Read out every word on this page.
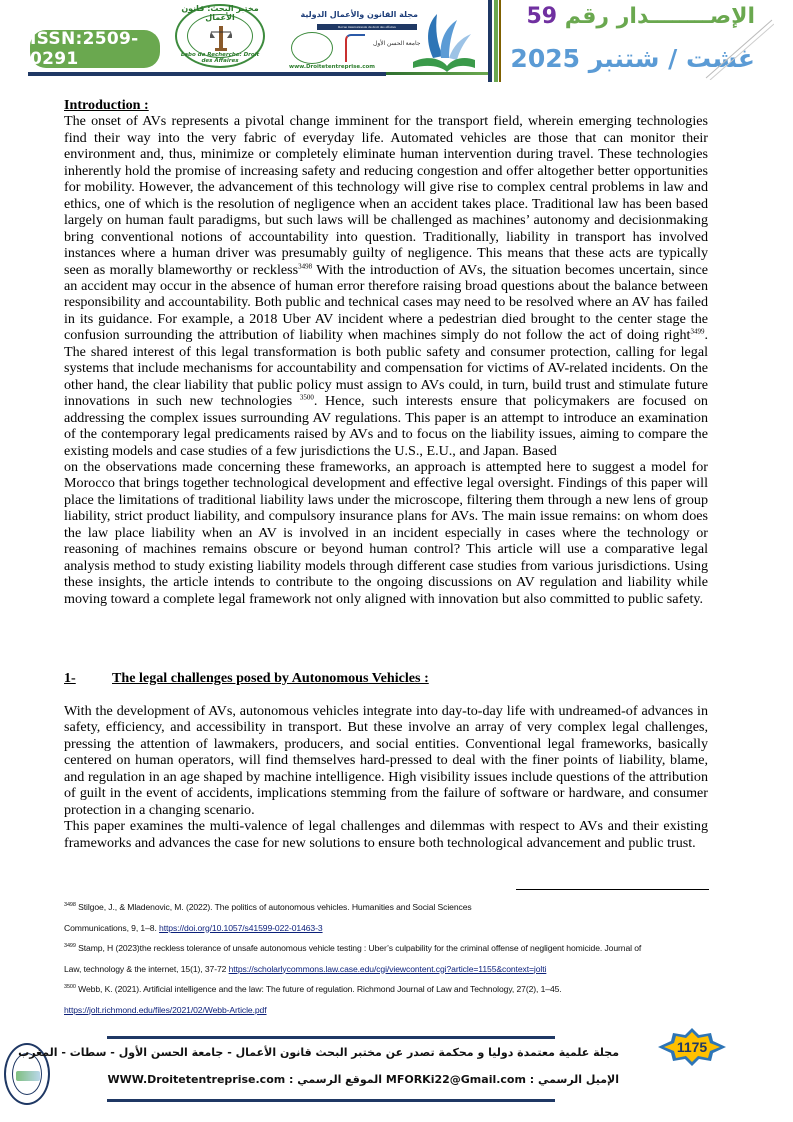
ISSN:2509-0291
مختبر البحث: قانون الأعمال
Labo de Recherche: Droit des Affaires
مجلة القانون والأعمال الدولية
Revue internationale du droit des affaires
جامعة الحسن الأول
www.Droitetentreprise.com
الإصــــــــدار رقم 59
غشت / شتنبر 2025
Introduction :

The onset of AVs represents a pivotal change imminent for the transport field, wherein emerging technologies find their way into the very fabric of everyday life. Automated vehicles are those that can monitor their environment and, thus, minimize or completely eliminate human intervention during travel. These technologies inherently hold the promise of increasing safety and reducing congestion and offer altogether better opportunities for mobility. However, the advancement of this technology will give rise to complex central problems in law and ethics, one of which is the resolution of negligence when an accident takes place. Traditional law has been based largely on human fault paradigms, but such laws will be challenged as machines’ autonomy and decisionmaking bring conventional notions of accountability into question. Traditionally, liability in transport has involved instances where a human driver was presumably guilty of negligence. This means that these acts are typically seen as morally blameworthy or reckless$^{3498}$ With the introduction of AVs, the situation becomes uncertain, since an accident may occur in the absence of human error therefore raising broad questions about the balance between responsibility and accountability. Both public and technical cases may need to be resolved where an AV has failed in its guidance. For example, a 2018 Uber AV incident where a pedestrian died brought to the center stage the confusion surrounding the attribution of liability when machines simply do not follow the act of doing right$^{3499}$. The shared interest of this legal transformation is both public safety and consumer protection, calling for legal systems that include mechanisms for accountability and compensation for victims of AV-related incidents. On the other hand, the clear liability that public policy must assign to AVs could, in turn, build trust and stimulate future innovations in such new technologies $^{3500}$. Hence, such interests ensure that policymakers are focused on addressing the complex issues surrounding AV regulations. This paper is an attempt to introduce an examination of the contemporary legal predicaments raised by AVs and to focus on the liability issues, aiming to compare the existing models and case studies of a few jurisdictions the U.S., E.U., and Japan. Based

on the observations made concerning these frameworks, an approach is attempted here to suggest a model for Morocco that brings together technological development and effective legal oversight. Findings of this paper will place the limitations of traditional liability laws under the microscope, filtering them through a new lens of group liability, strict product liability, and compulsory insurance plans for AVs. The main issue remains: on whom does the law place liability when an AV is involved in an incident especially in cases where the technology or reasoning of machines remains obscure or beyond human control? This article will use a comparative legal analysis method to study existing liability models through different case studies from various jurisdictions. Using these insights, the article intends to contribute to the ongoing discussions on AV regulation and liability while moving toward a complete legal framework not only aligned with innovation but also committed to public safety.

1-	The legal challenges posed by Autonomous Vehicles :

With the development of AVs, autonomous vehicles integrate into day-to-day life with undreamed-of advances in safety, efficiency, and accessibility in transport. But these involve an array of very complex legal challenges, pressing the attention of lawmakers, producers, and social entities. Conventional legal frameworks, basically centered on human operators, will find themselves hard-pressed to deal with the finer points of liability, blame, and regulation in an age shaped by machine intelligence. High visibility issues include questions of the attribution of guilt in the event of accidents, implications stemming from the failure of software or hardware, and consumer protection in a changing scenario.

This paper examines the multi-valence of legal challenges and dilemmas with respect to AVs and their existing frameworks and advances the case for new solutions to ensure both technological advancement and public trust.

$^{3498}$ Stilgoe, J., & Mladenovic, M. (2022). The politics of autonomous vehicles. Humanities and Social Sciences
Communications, 9, 1–8. https://doi.org/10.1057/s41599-022-01463-3
$^{3499}$ Stamp, H (2023)the reckless tolerance of unsafe autonomous vehicle testing : Uber’s culpability for the criminal offense of negligent homicide. Journal of
Law, technology & the internet, 15(1), 37-72 https://scholarlycommons.law.case.edu/cgi/viewcontent.cgi?article=1155&context=jolti
$^{3500}$ Webb, K. (2021). Artificial intelligence and the law: The future of regulation. Richmond Journal of Law and Technology, 27(2), 1–45.
https://jolt.richmond.edu/files/2021/02/Webb-Article.pdf
مجلة علمية معتمدة دوليا و محكمة تصدر عن مختبر البحث قانون الأعمال - جامعة الحسن الأول - سطات - المغرب
الإميل الرسمي : MFORKi22@Gmail.com الموقع الرسمي : WWW.Droitetentreprise.com
1175
